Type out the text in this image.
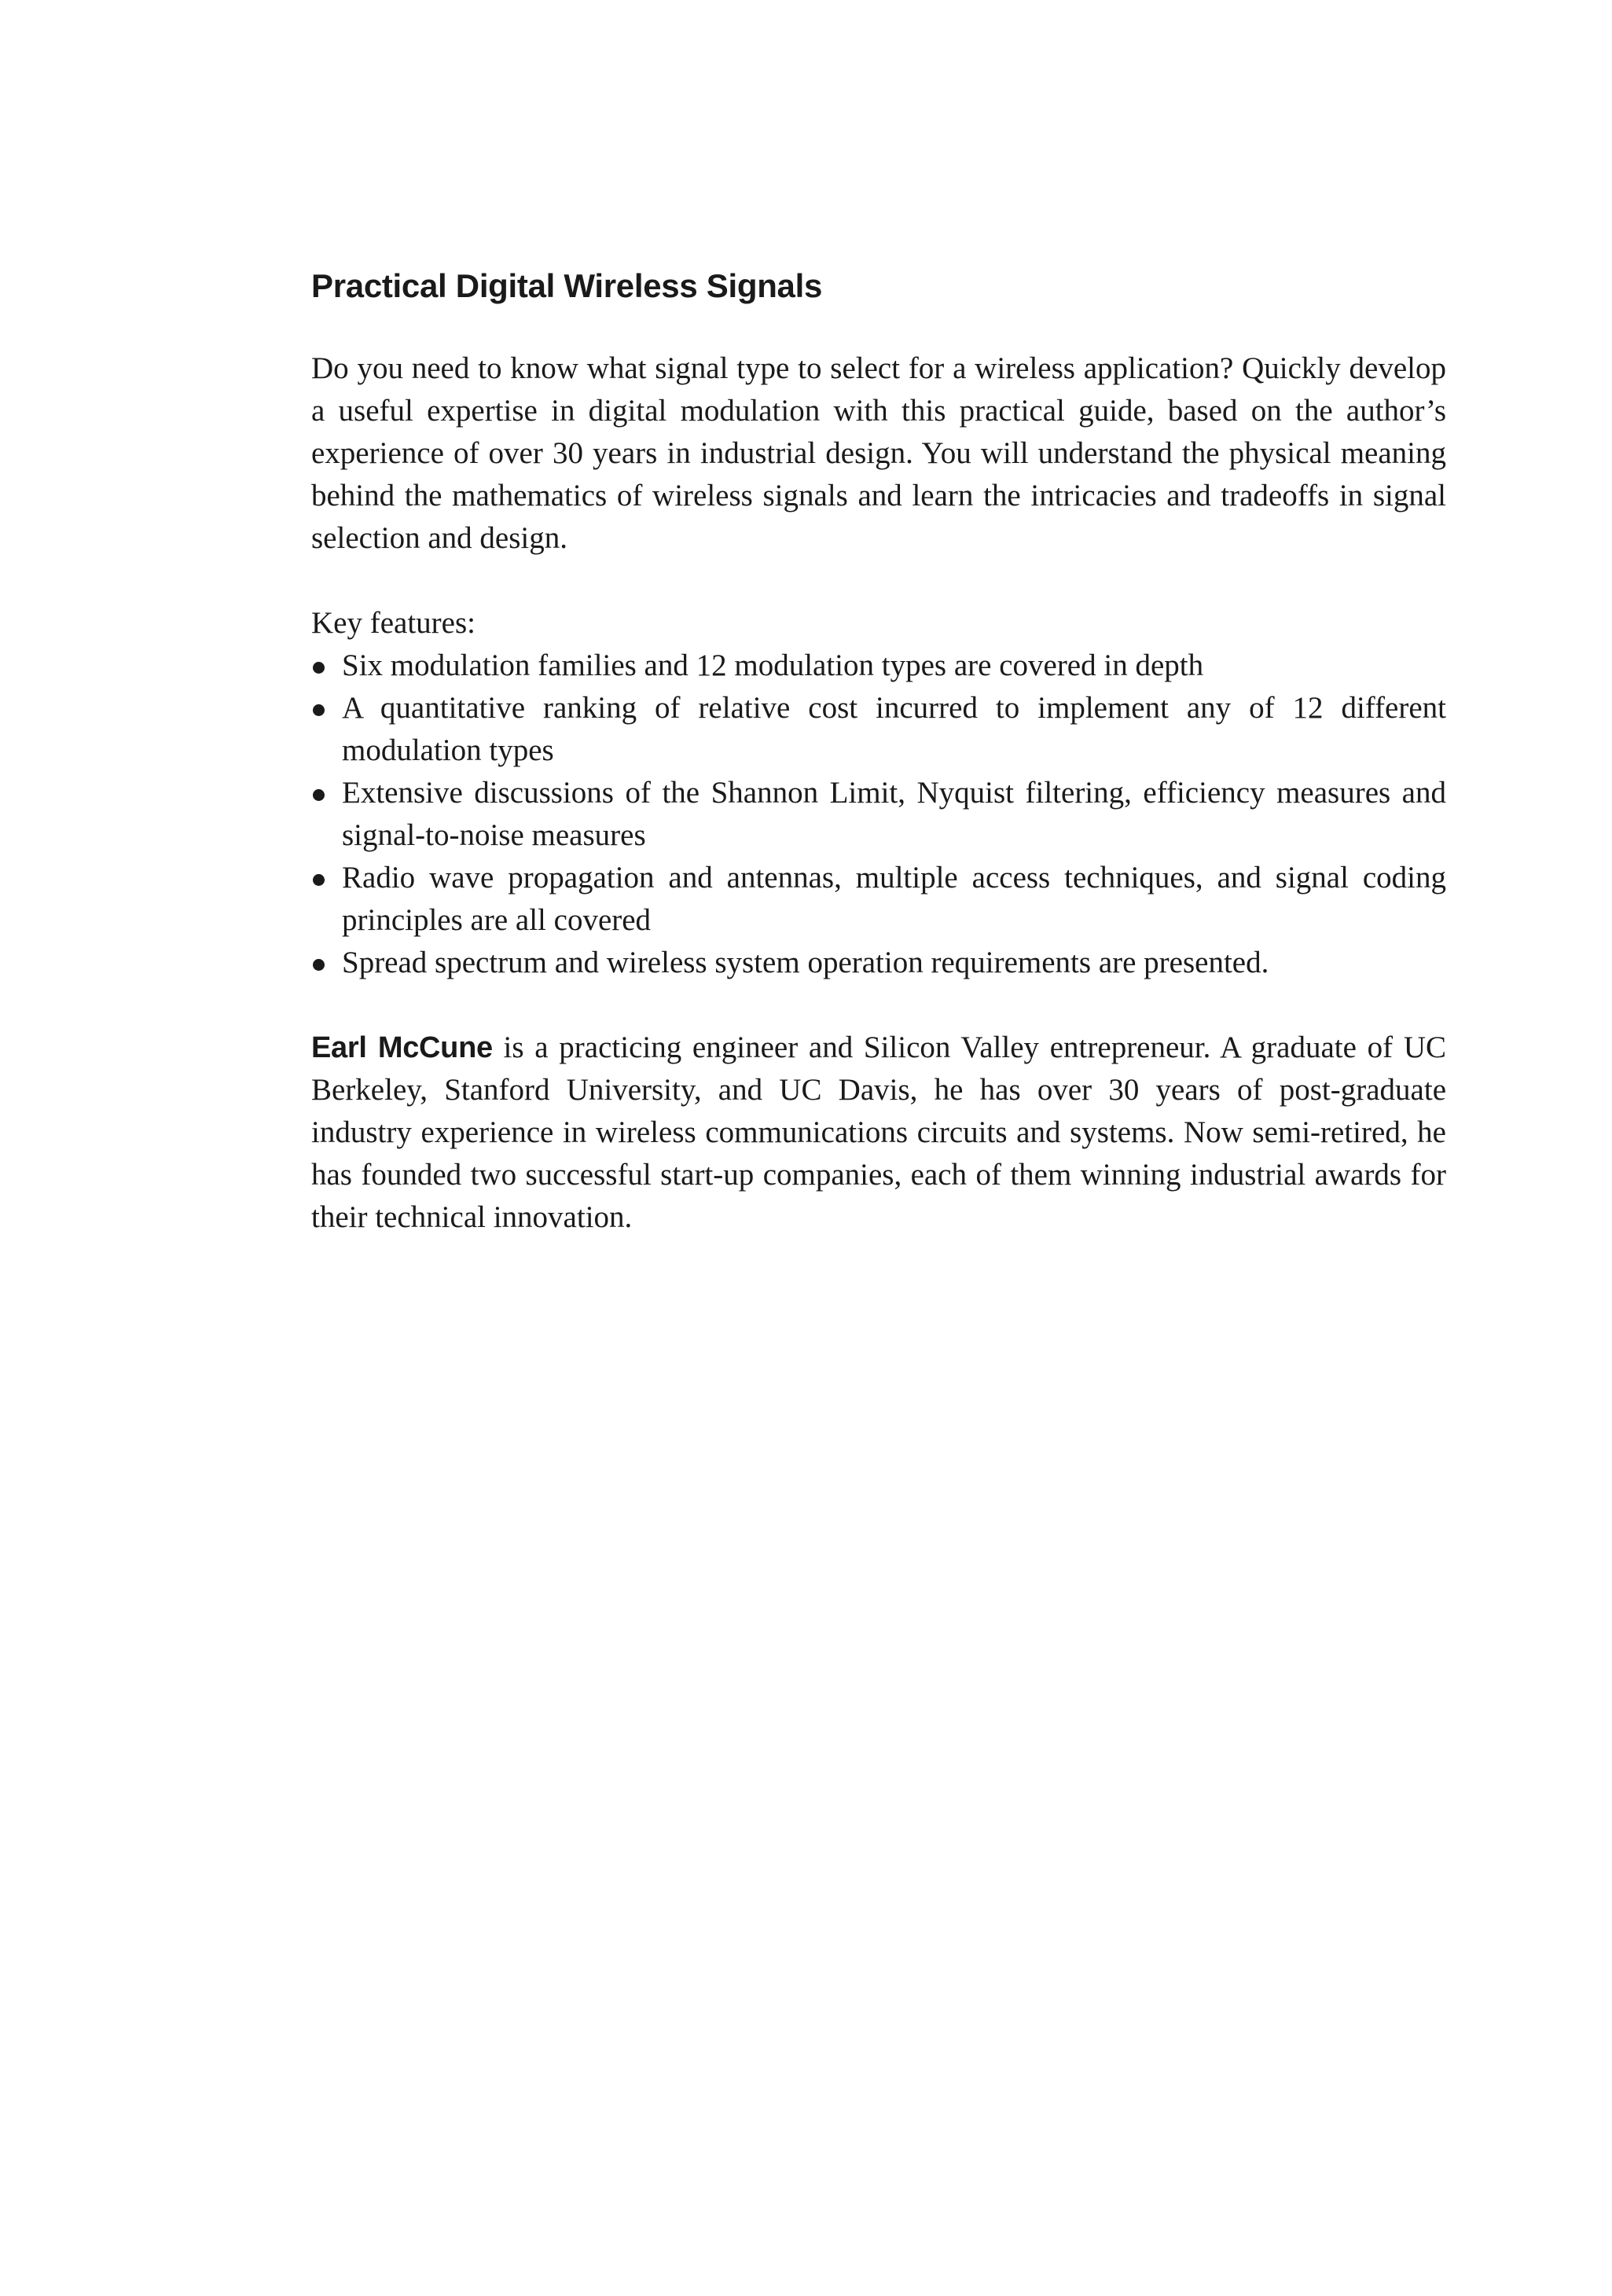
Practical Digital Wireless Signals

Do you need to know what signal type to select for a wireless application? Quickly develop a useful expertise in digital modulation with this practical guide, based on the author’s experience of over 30 years in industrial design. You will understand the physical meaning behind the mathematics of wireless signals and learn the intricacies and tradeoffs in signal selection and design.

Key features:

Six modulation families and 12 modulation types are covered in depth
A quantitative ranking of relative cost incurred to implement any of 12 different modulation types
Extensive discussions of the Shannon Limit, Nyquist filtering, efficiency measures and signal-to-noise measures
Radio wave propagation and antennas, multiple access techniques, and signal coding principles are all covered
Spread spectrum and wireless system operation requirements are presented.

Earl McCune is a practicing engineer and Silicon Valley entrepreneur. A graduate of UC Berkeley, Stanford University, and UC Davis, he has over 30 years of post-graduate industry experience in wireless communications circuits and systems. Now semi-retired, he has founded two successful start-up companies, each of them winning industrial awards for their technical innovation.
